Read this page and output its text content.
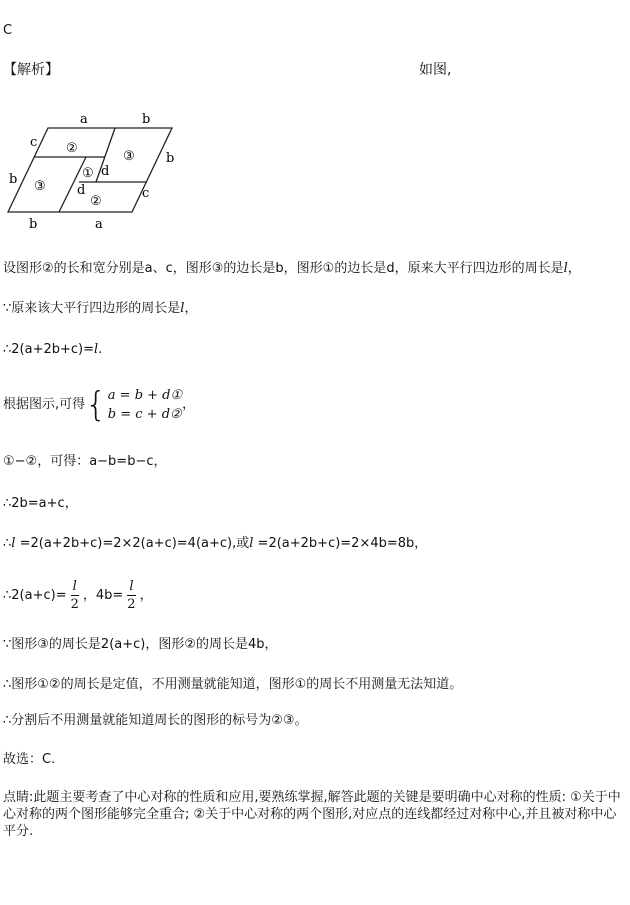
C
【解析】	如图,
a	b
c
b
b
d
d	c
b	a
②
③
①
③
②
设图形②的长和宽分别是a、c，图形③的边长是b，图形①的边长是d，原来大平行四边形的周长是l，
∵原来该大平行四边形的周长是l，
∴2(a+2b+c)=l.
根据图示,可得 { a = b + d①
b = c + d②
，
①−②，可得：a−b=b−c，
∴2b=a+c，
∴l =2(a+2b+c)=2×2(a+c)=4(a+c),或l =2(a+2b+c)=2×4b=8b，
∴2(a+c)= $\frac{l}{2}$ ，$4b= \frac{l}{2}$ ，
∵图形③的周长是2(a+c)，图形②的周长是4b，
∴图形①②的周长是定值，不用测量就能知道，图形①的周长不用测量无法知道。
∴分割后不用测量就能知道周长的图形的标号为②③。
故选：C.
点睛:此题主要考查了中心对称的性质和应用,要熟练掌握,解答此题的关键是要明确中心对称的性质: ①关于中心对称的两个图形能够完全重合; ②关于中心对称的两个图形,对应点的连线都经过对称中心,并且被对称中心平分.
